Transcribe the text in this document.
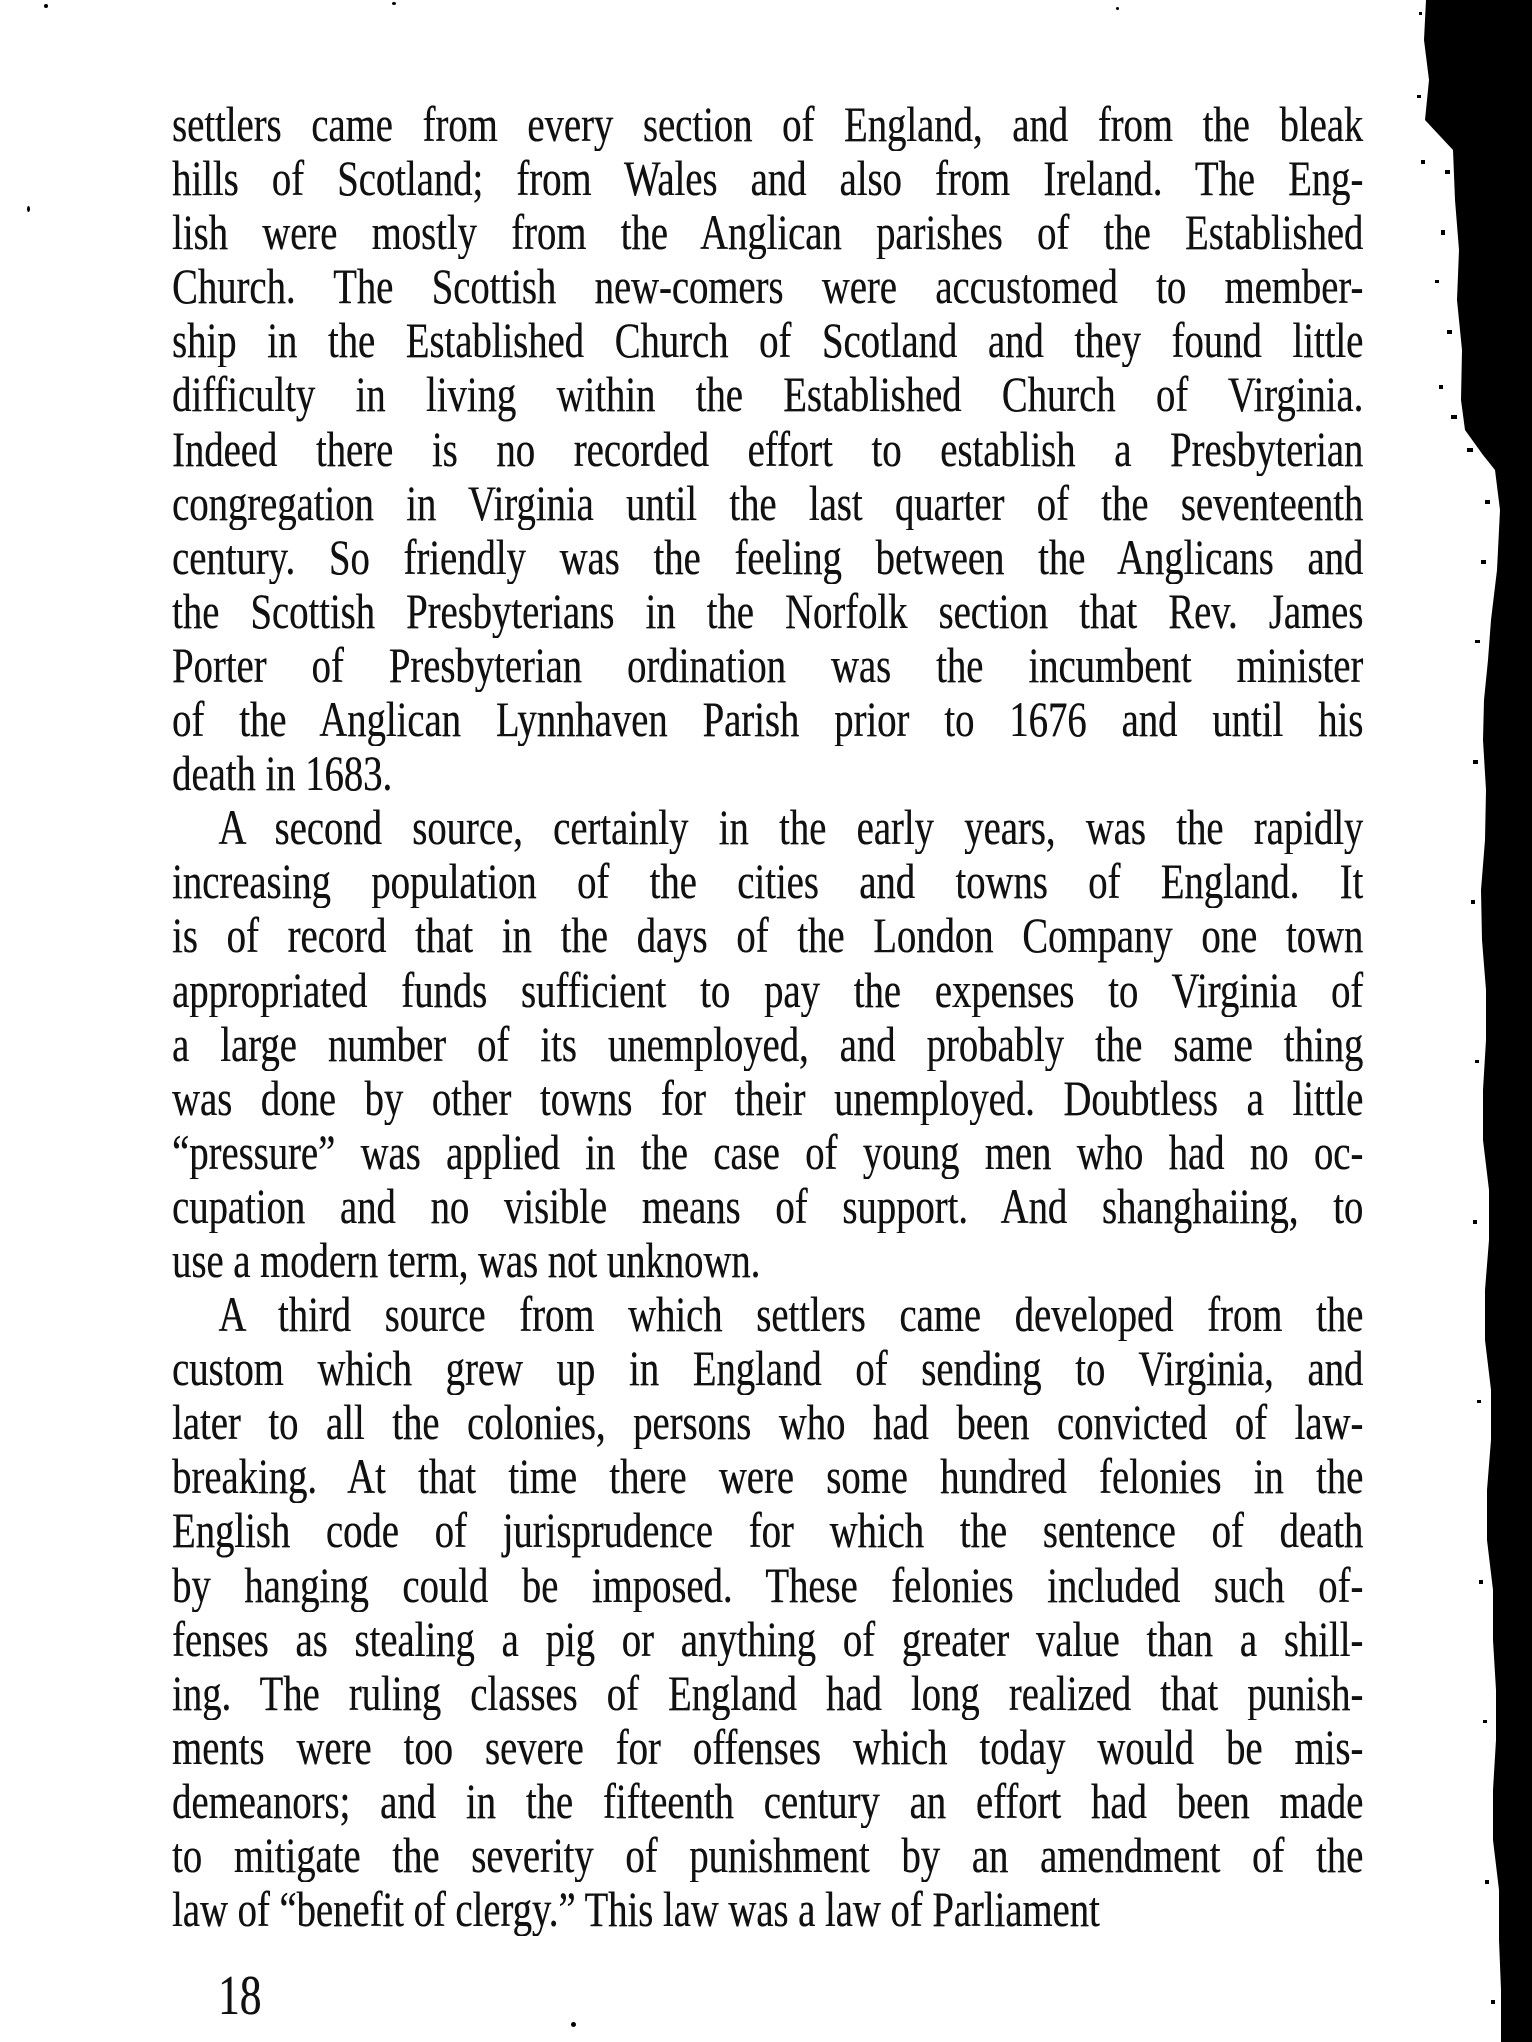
settlers came from every section of England, and from the bleak
hills of Scotland; from Wales and also from Ireland. The Eng-
lish were mostly from the Anglican parishes of the Established
Church. The Scottish new-comers were accustomed to member-
ship in the Established Church of Scotland and they found little
difficulty in living within the Established Church of Virginia.
Indeed there is no recorded effort to establish a Presbyterian
congregation in Virginia until the last quarter of the seventeenth
century. So friendly was the feeling between the Anglicans and
the Scottish Presbyterians in the Norfolk section that Rev. James
Porter of Presbyterian ordination was the incumbent minister
of the Anglican Lynnhaven Parish prior to 1676 and until his
death in 1683.
A second source, certainly in the early years, was the rapidly
increasing population of the cities and towns of England. It
is of record that in the days of the London Company one town
appropriated funds sufficient to pay the expenses to Virginia of
a large number of its unemployed, and probably the same thing
was done by other towns for their unemployed. Doubtless a little
“pressure” was applied in the case of young men who had no oc-
cupation and no visible means of support. And shanghaiing, to
use a modern term, was not unknown.
A third source from which settlers came developed from the
custom which grew up in England of sending to Virginia, and
later to all the colonies, persons who had been convicted of law-
breaking. At that time there were some hundred felonies in the
English code of jurisprudence for which the sentence of death
by hanging could be imposed. These felonies included such of-
fenses as stealing a pig or anything of greater value than a shill-
ing. The ruling classes of England had long realized that punish-
ments were too severe for offenses which today would be mis-
demeanors; and in the fifteenth century an effort had been made
to mitigate the severity of punishment by an amendment of the
law of “benefit of clergy.” This law was a law of Parliament
18
